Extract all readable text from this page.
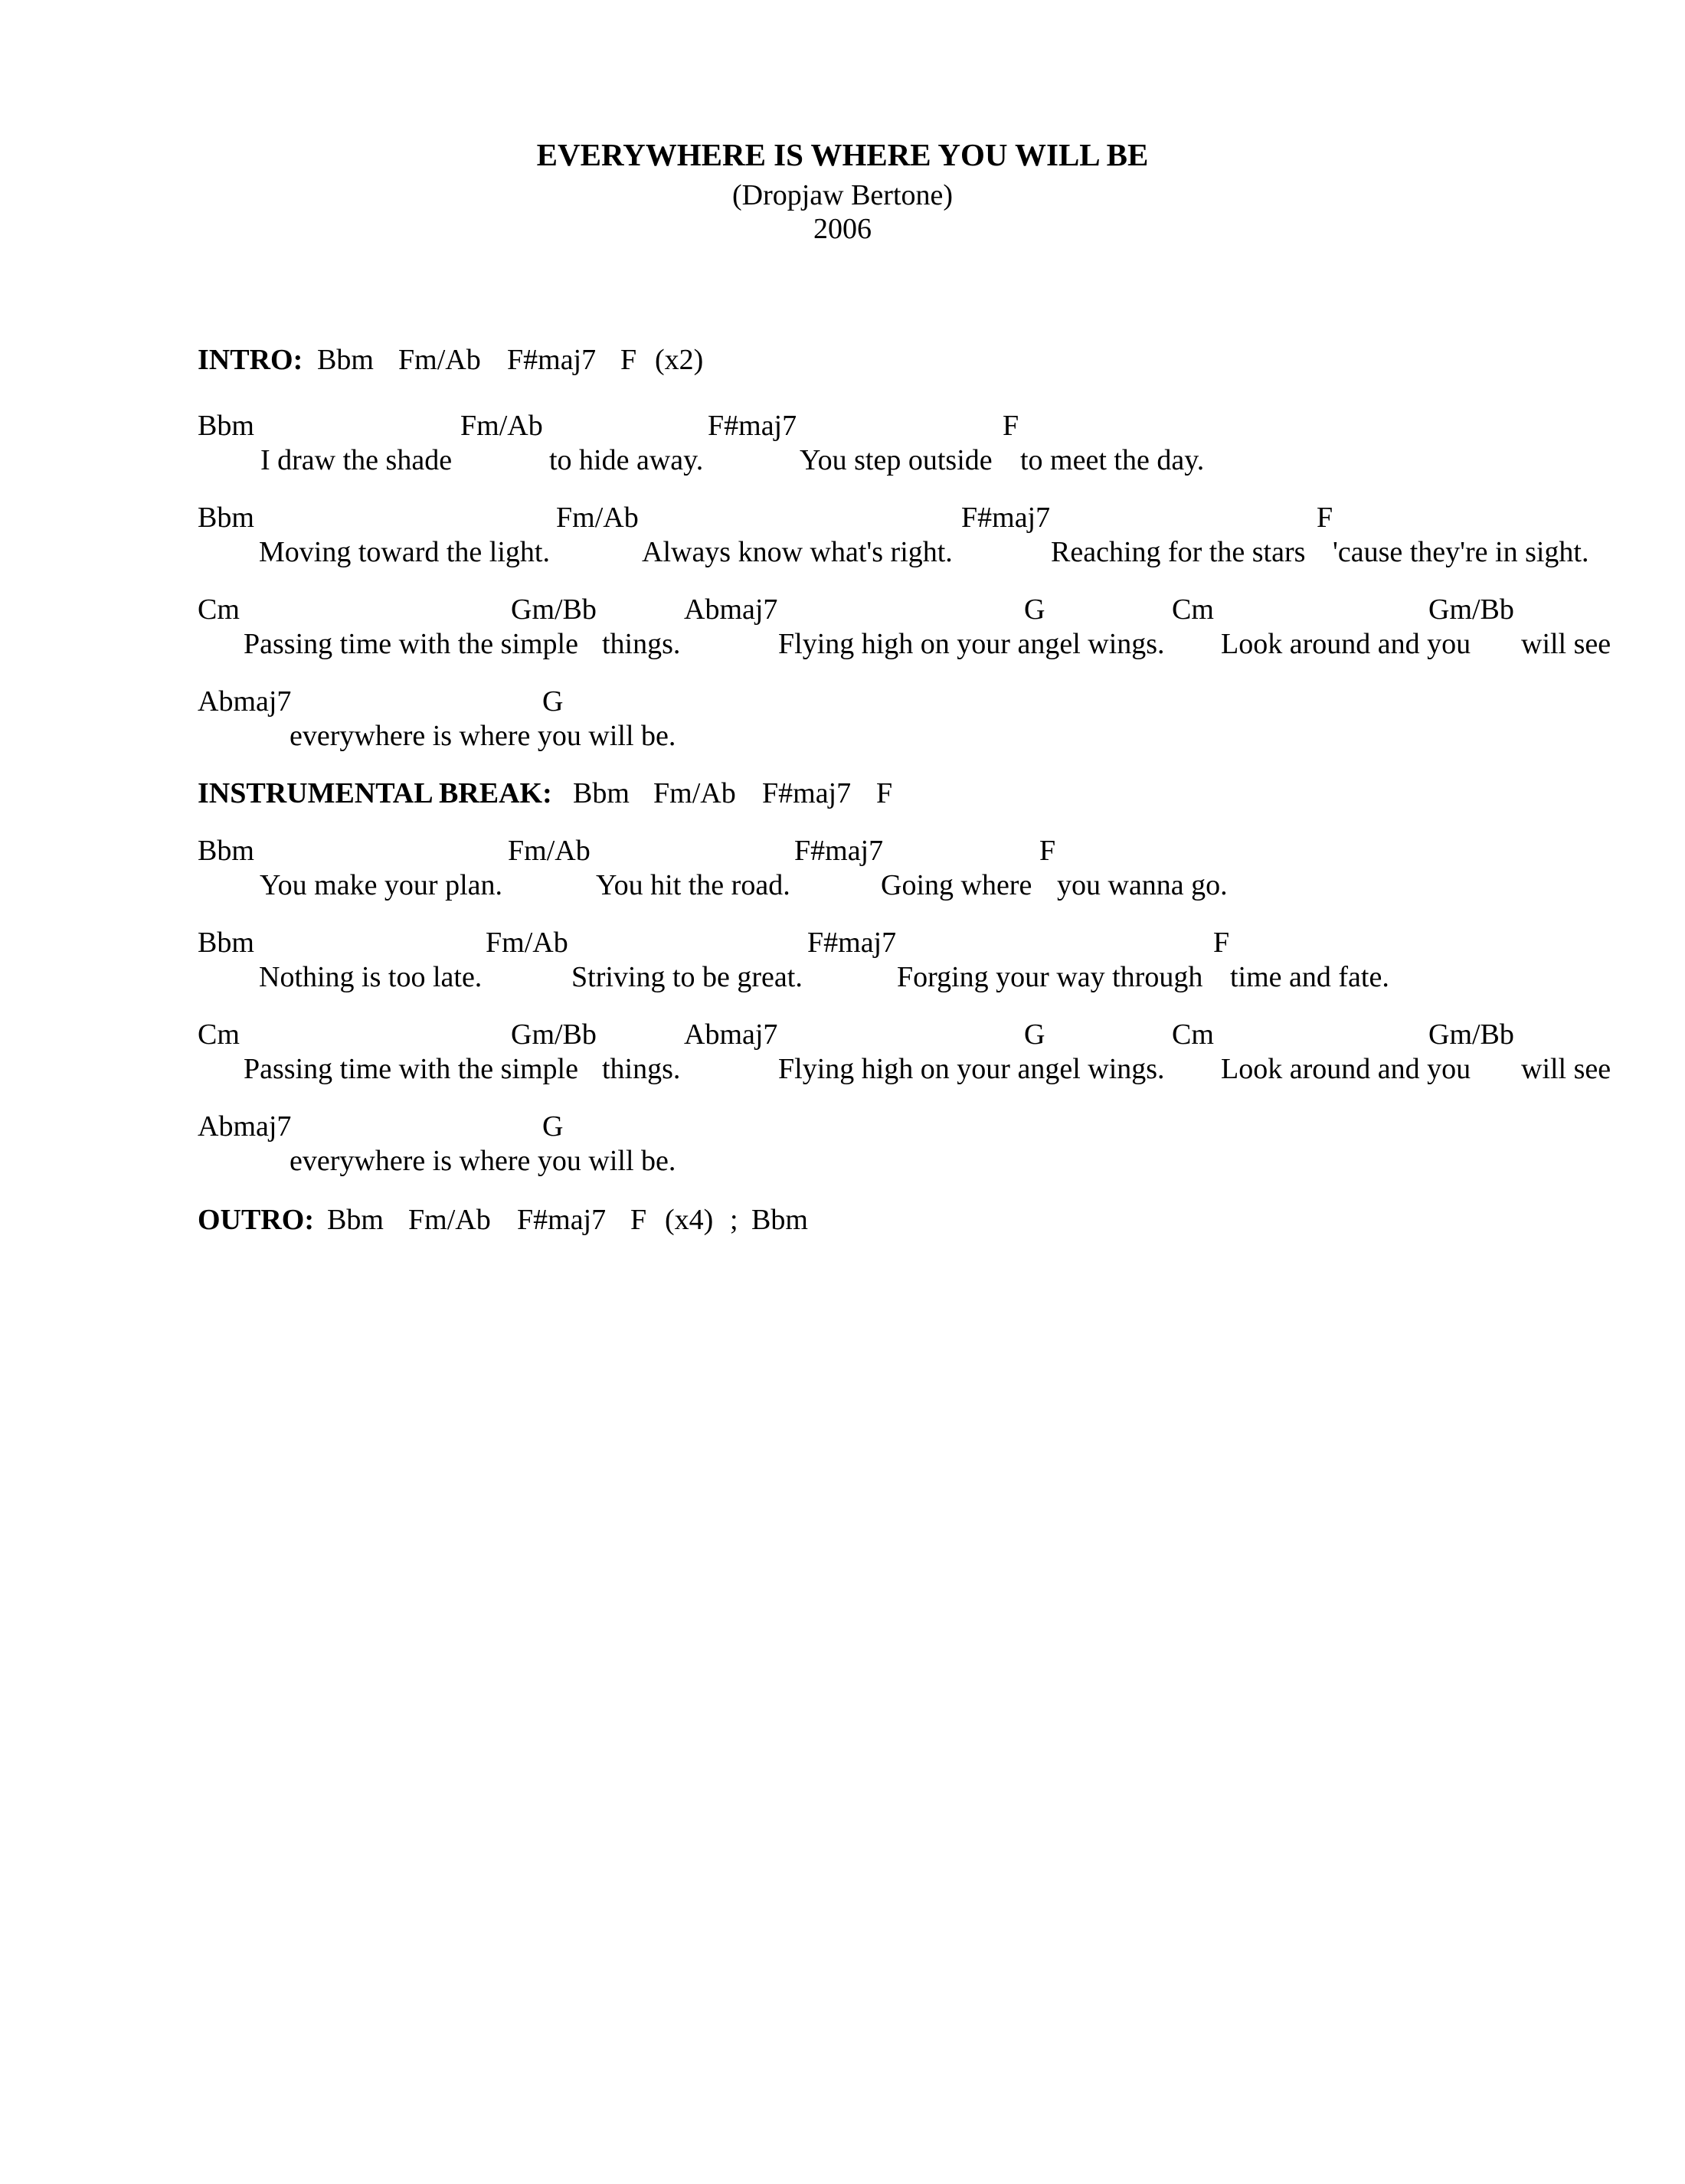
EVERYWHERE IS WHERE YOU WILL BE
(Dropjaw Bertone)
2006
INTRO: Bbm Fm/Ab F#maj7 F (x2)
Bbm	Fm/Ab	F#maj7	F
I draw the shade	to hide away.	You step outside to meet the day.
Bbm	Fm/Ab	F#maj7	F
Moving toward the light.	Always know what's right.	Reaching for the stars 'cause they're in sight.
Cm	Gm/Bb	Abmaj7	G	Cm	Gm/Bb
Passing time with the simple things.	Flying high on your angel wings. Look around and you will see
Abmaj7	G
everywhere is where you will be.
INSTRUMENTAL BREAK: Bbm Fm/Ab F#maj7 F
Bbm	Fm/Ab	F#maj7	F
You make your plan.	You hit the road.	Going where you wanna go.
Bbm	Fm/Ab	F#maj7	F
Nothing is too late.	Striving to be great.	Forging your way through time and fate.
Cm	Gm/Bb	Abmaj7	G	Cm	Gm/Bb
Passing time with the simple things.	Flying high on your angel wings. Look around and you will see
Abmaj7	G
everywhere is where you will be.
OUTRO: Bbm Fm/Ab F#maj7 F (x4) ; Bbm
